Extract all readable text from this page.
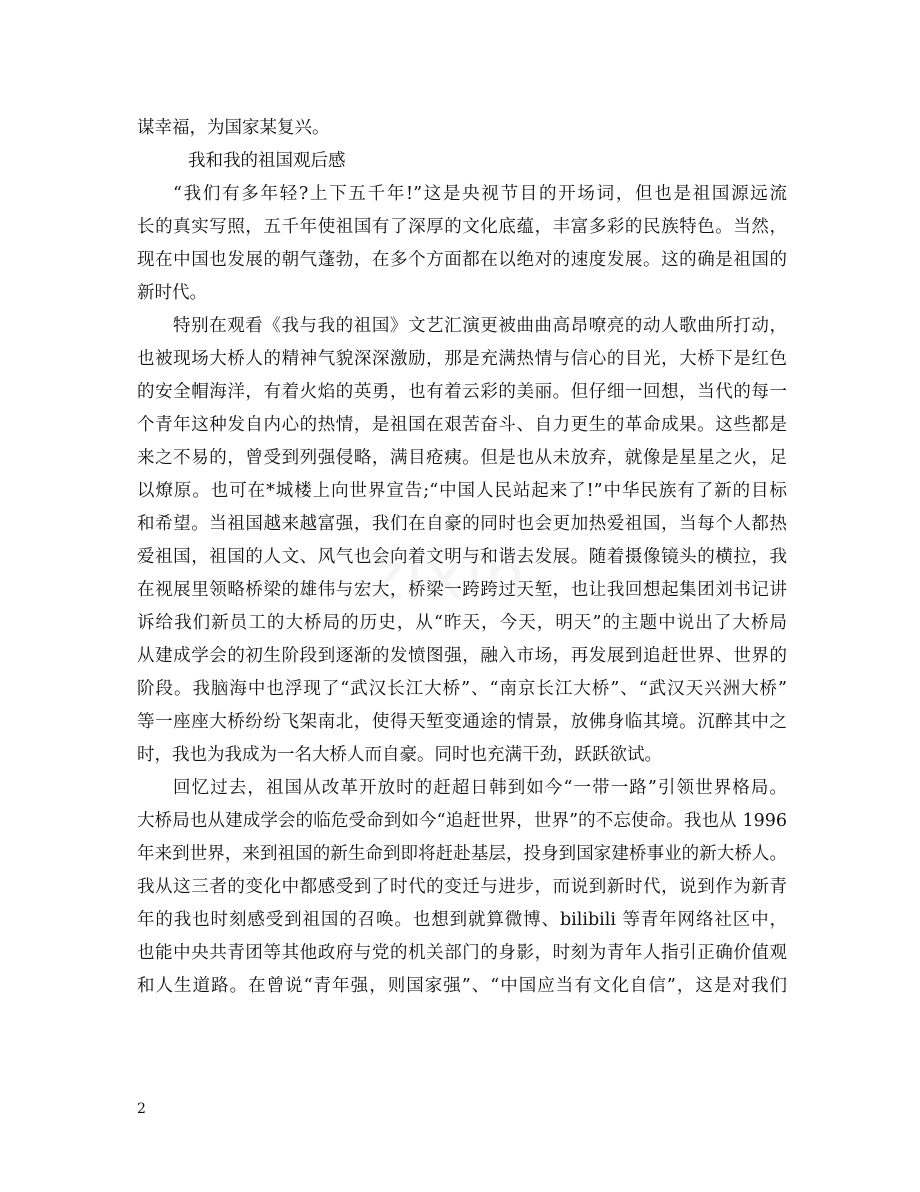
zixin
谋幸福，为国家某复兴。
我和我的祖国观后感
“我们有多年轻?上下五千年!”这是央视节目的开场词，但也是祖国源远流
长的真实写照，五千年使祖国有了深厚的文化底蕴，丰富多彩的民族特色。当然，
现在中国也发展的朝气蓬勃，在多个方面都在以绝对的速度发展。这的确是祖国的
新时代。
特别在观看《我与我的祖国》文艺汇演更被曲曲高昂嘹亮的动人歌曲所打动，
也被现场大桥人的精神气貌深深激励，那是充满热情与信心的目光，大桥下是红色
的安全帽海洋，有着火焰的英勇，也有着云彩的美丽。但仔细一回想，当代的每一
个青年这种发自内心的热情，是祖国在艰苦奋斗、自力更生的革命成果。这些都是
来之不易的，曾受到列强侵略，满目疮痍。但是也从未放弃，就像是星星之火，足
以燎原。也可在*城楼上向世界宣告;“中国人民站起来了!”中华民族有了新的目标
和希望。当祖国越来越富强，我们在自豪的同时也会更加热爱祖国，当每个人都热
爱祖国，祖国的人文、风气也会向着文明与和谐去发展。随着摄像镜头的横拉，我
在视展里领略桥梁的雄伟与宏大，桥梁一跨跨过天堑，也让我回想起集团刘书记讲
诉给我们新员工的大桥局的历史，从“昨天，今天，明天”的主题中说出了大桥局
从建成学会的初生阶段到逐渐的发愤图强，融入市场，再发展到追赶世界、世界的
阶段。我脑海中也浮现了“武汉长江大桥”、“南京长江大桥”、“武汉天兴洲大桥”
等一座座大桥纷纷飞架南北，使得天堑变通途的情景，放佛身临其境。沉醉其中之
时，我也为我成为一名大桥人而自豪。同时也充满干劲，跃跃欲试。
回忆过去，祖国从改革开放时的赶超日韩到如今“一带一路”引领世界格局。
大桥局也从建成学会的临危受命到如今“追赶世界，世界”的不忘使命。我也从 1996
年来到世界，来到祖国的新生命到即将赶赴基层，投身到国家建桥事业的新大桥人。
我从这三者的变化中都感受到了时代的变迁与进步，而说到新时代，说到作为新青
年的我也时刻感受到祖国的召唤。也想到就算微博、bilibili 等青年网络社区中，
也能中央共青团等其他政府与党的机关部门的身影，时刻为青年人指引正确价值观
和人生道路。在曾说“青年强，则国家强”、“中国应当有文化自信”，这是对我们
2
